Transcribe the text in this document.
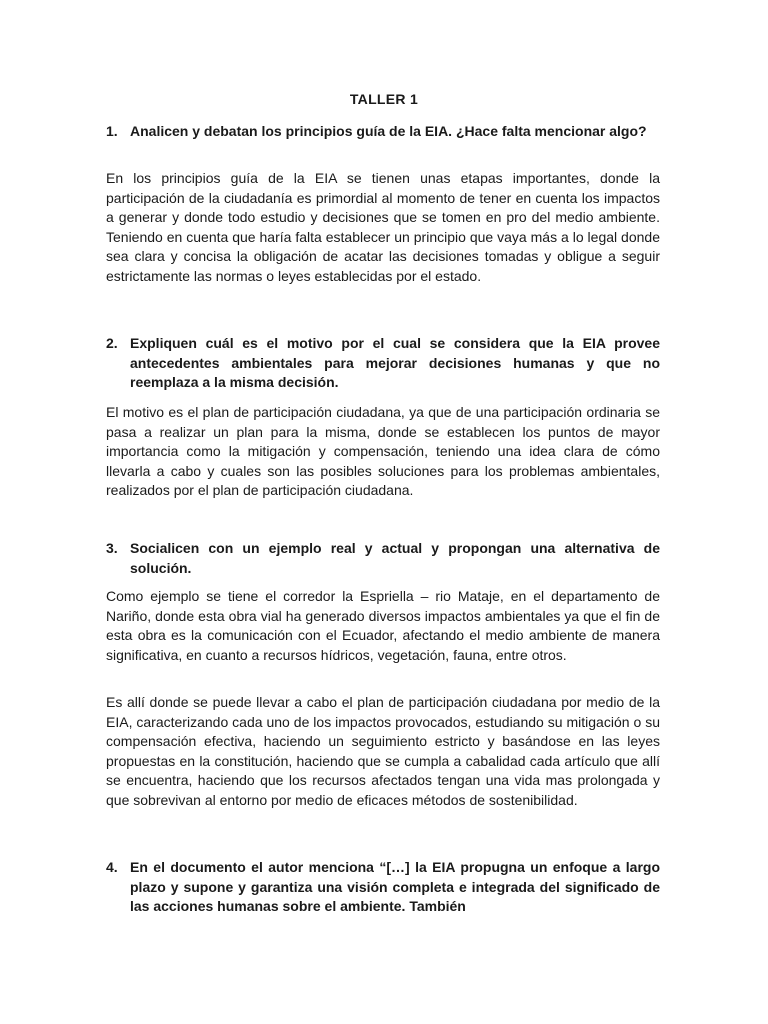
TALLER 1
1. Analicen y debatan los principios guía de la EIA. ¿Hace falta mencionar algo?
En los principios guía de la EIA se tienen unas etapas importantes, donde la participación de la ciudadanía es primordial al momento de tener en cuenta los impactos a generar y donde todo estudio y decisiones que se tomen en pro del medio ambiente. Teniendo en cuenta que haría falta establecer un principio que vaya más a lo legal donde sea clara y concisa la obligación de acatar las decisiones tomadas y obligue a seguir estrictamente las normas o leyes establecidas por el estado.
2. Expliquen cuál es el motivo por el cual se considera que la EIA provee antecedentes ambientales para mejorar decisiones humanas y que no reemplaza a la misma decisión.
El motivo es el plan de participación ciudadana, ya que de una participación ordinaria se pasa a realizar un plan para la misma, donde se establecen los puntos de mayor importancia como la mitigación y compensación, teniendo una idea clara de cómo llevarla a cabo y cuales son las posibles soluciones para los problemas ambientales, realizados por el plan de participación ciudadana.
3. Socialicen con un ejemplo real y actual y propongan una alternativa de solución.
Como ejemplo se tiene el corredor la Espriella – rio Mataje, en el departamento de Nariño, donde esta obra vial ha generado diversos impactos ambientales ya que el fin de esta obra es la comunicación con el Ecuador, afectando el medio ambiente de manera significativa, en cuanto a recursos hídricos, vegetación, fauna, entre otros.
Es allí donde se puede llevar a cabo el plan de participación ciudadana por medio de la EIA, caracterizando cada uno de los impactos provocados, estudiando su mitigación o su compensación efectiva, haciendo un seguimiento estricto y basándose en las leyes propuestas en la constitución, haciendo que se cumpla a cabalidad cada artículo que allí se encuentra, haciendo que los recursos afectados tengan una vida mas prolongada y que sobrevivan al entorno por medio de eficaces métodos de sostenibilidad.
4. En el documento el autor menciona “[…] la EIA propugna un enfoque a largo plazo y supone y garantiza una visión completa e integrada del significado de las acciones humanas sobre el ambiente. También
